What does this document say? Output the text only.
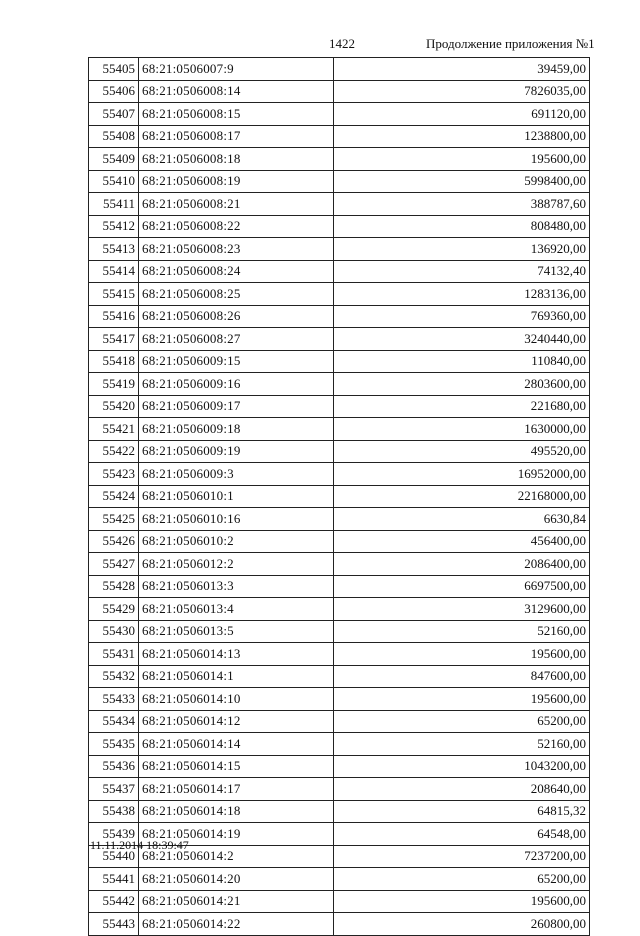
1422	Продолжение приложения №1
55405	68:21:0506007:9	39459,00
55406	68:21:0506008:14	7826035,00
55407	68:21:0506008:15	691120,00
55408	68:21:0506008:17	1238800,00
55409	68:21:0506008:18	195600,00
55410	68:21:0506008:19	5998400,00
55411	68:21:0506008:21	388787,60
55412	68:21:0506008:22	808480,00
55413	68:21:0506008:23	136920,00
55414	68:21:0506008:24	74132,40
55415	68:21:0506008:25	1283136,00
55416	68:21:0506008:26	769360,00
55417	68:21:0506008:27	3240440,00
55418	68:21:0506009:15	110840,00
55419	68:21:0506009:16	2803600,00
55420	68:21:0506009:17	221680,00
55421	68:21:0506009:18	1630000,00
55422	68:21:0506009:19	495520,00
55423	68:21:0506009:3	16952000,00
55424	68:21:0506010:1	22168000,00
55425	68:21:0506010:16	6630,84
55426	68:21:0506010:2	456400,00
55427	68:21:0506012:2	2086400,00
55428	68:21:0506013:3	6697500,00
55429	68:21:0506013:4	3129600,00
55430	68:21:0506013:5	52160,00
55431	68:21:0506014:13	195600,00
55432	68:21:0506014:1	847600,00
55433	68:21:0506014:10	195600,00
55434	68:21:0506014:12	65200,00
55435	68:21:0506014:14	52160,00
55436	68:21:0506014:15	1043200,00
55437	68:21:0506014:17	208640,00
55438	68:21:0506014:18	64815,32
55439	68:21:0506014:19	64548,00
55440	68:21:0506014:2	7237200,00
55441	68:21:0506014:20	65200,00
55442	68:21:0506014:21	195600,00
55443	68:21:0506014:22	260800,00
11.11.2014 18:39:47
